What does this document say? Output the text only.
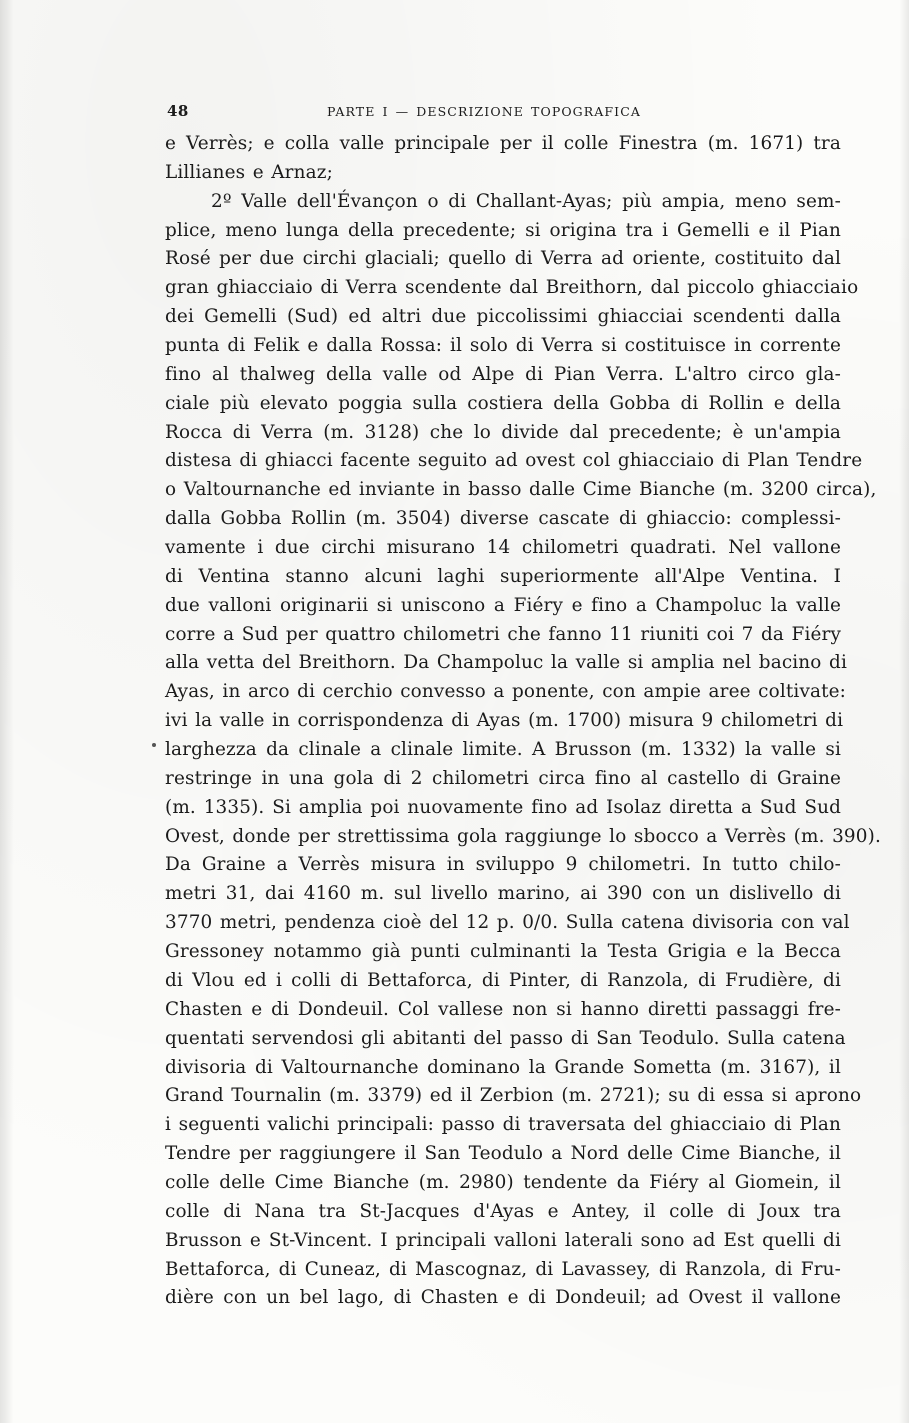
48	PARTE I — DESCRIZIONE TOPOGRAFICA
e Verrès; e colla valle principale per il colle Finestra (m. 1671) tra
Lillianes e Arnaz;
2º Valle dell'Évançon o di Challant-Ayas; più ampia, meno sem-
plice, meno lunga della precedente; si origina tra i Gemelli e il Pian
Rosé per due circhi glaciali; quello di Verra ad oriente, costituito dal
gran ghiacciaio di Verra scendente dal Breithorn, dal piccolo ghiacciaio
dei Gemelli (Sud) ed altri due piccolissimi ghiacciai scendenti dalla
punta di Felik e dalla Rossa: il solo di Verra si costituisce in corrente
fino al thalweg della valle od Alpe di Pian Verra. L'altro circo gla-
ciale più elevato poggia sulla costiera della Gobba di Rollin e della
Rocca di Verra (m. 3128) che lo divide dal precedente; è un'ampia
distesa di ghiacci facente seguito ad ovest col ghiacciaio di Plan Tendre
o Valtournanche ed inviante in basso dalle Cime Bianche (m. 3200 circa),
dalla Gobba Rollin (m. 3504) diverse cascate di ghiaccio: complessi-
vamente i due circhi misurano 14 chilometri quadrati. Nel vallone
di Ventina stanno alcuni laghi superiormente all'Alpe Ventina. I
due valloni originarii si uniscono a Fiéry e fino a Champoluc la valle
corre a Sud per quattro chilometri che fanno 11 riuniti coi 7 da Fiéry
alla vetta del Breithorn. Da Champoluc la valle si amplia nel bacino di
Ayas, in arco di cerchio convesso a ponente, con ampie aree coltivate:
ivi la valle in corrispondenza di Ayas (m. 1700) misura 9 chilometri di
larghezza da clinale a clinale limite. A Brusson (m. 1332) la valle si
restringe in una gola di 2 chilometri circa fino al castello di Graine
(m. 1335). Si amplia poi nuovamente fino ad Isolaz diretta a Sud Sud
Ovest, donde per strettissima gola raggiunge lo sbocco a Verrès (m. 390).
Da Graine a Verrès misura in sviluppo 9 chilometri. In tutto chilo-
metri 31, dai 4160 m. sul livello marino, ai 390 con un dislivello di
3770 metri, pendenza cioè del 12 p. 0/0. Sulla catena divisoria con val
Gressoney notammo già punti culminanti la Testa Grigia e la Becca
di Vlou ed i colli di Bettaforca, di Pinter, di Ranzola, di Frudière, di
Chasten e di Dondeuil. Col vallese non si hanno diretti passaggi fre-
quentati servendosi gli abitanti del passo di San Teodulo. Sulla catena
divisoria di Valtournanche dominano la Grande Sometta (m. 3167), il
Grand Tournalin (m. 3379) ed il Zerbion (m. 2721); su di essa si aprono
i seguenti valichi principali: passo di traversata del ghiacciaio di Plan
Tendre per raggiungere il San Teodulo a Nord delle Cime Bianche, il
colle delle Cime Bianche (m. 2980) tendente da Fiéry al Giomein, il
colle di Nana tra St-Jacques d'Ayas e Antey, il colle di Joux tra
Brusson e St-Vincent. I principali valloni laterali sono ad Est quelli di
Bettaforca, di Cuneaz, di Mascognaz, di Lavassey, di Ranzola, di Fru-
dière con un bel lago, di Chasten e di Dondeuil; ad Ovest il vallone
